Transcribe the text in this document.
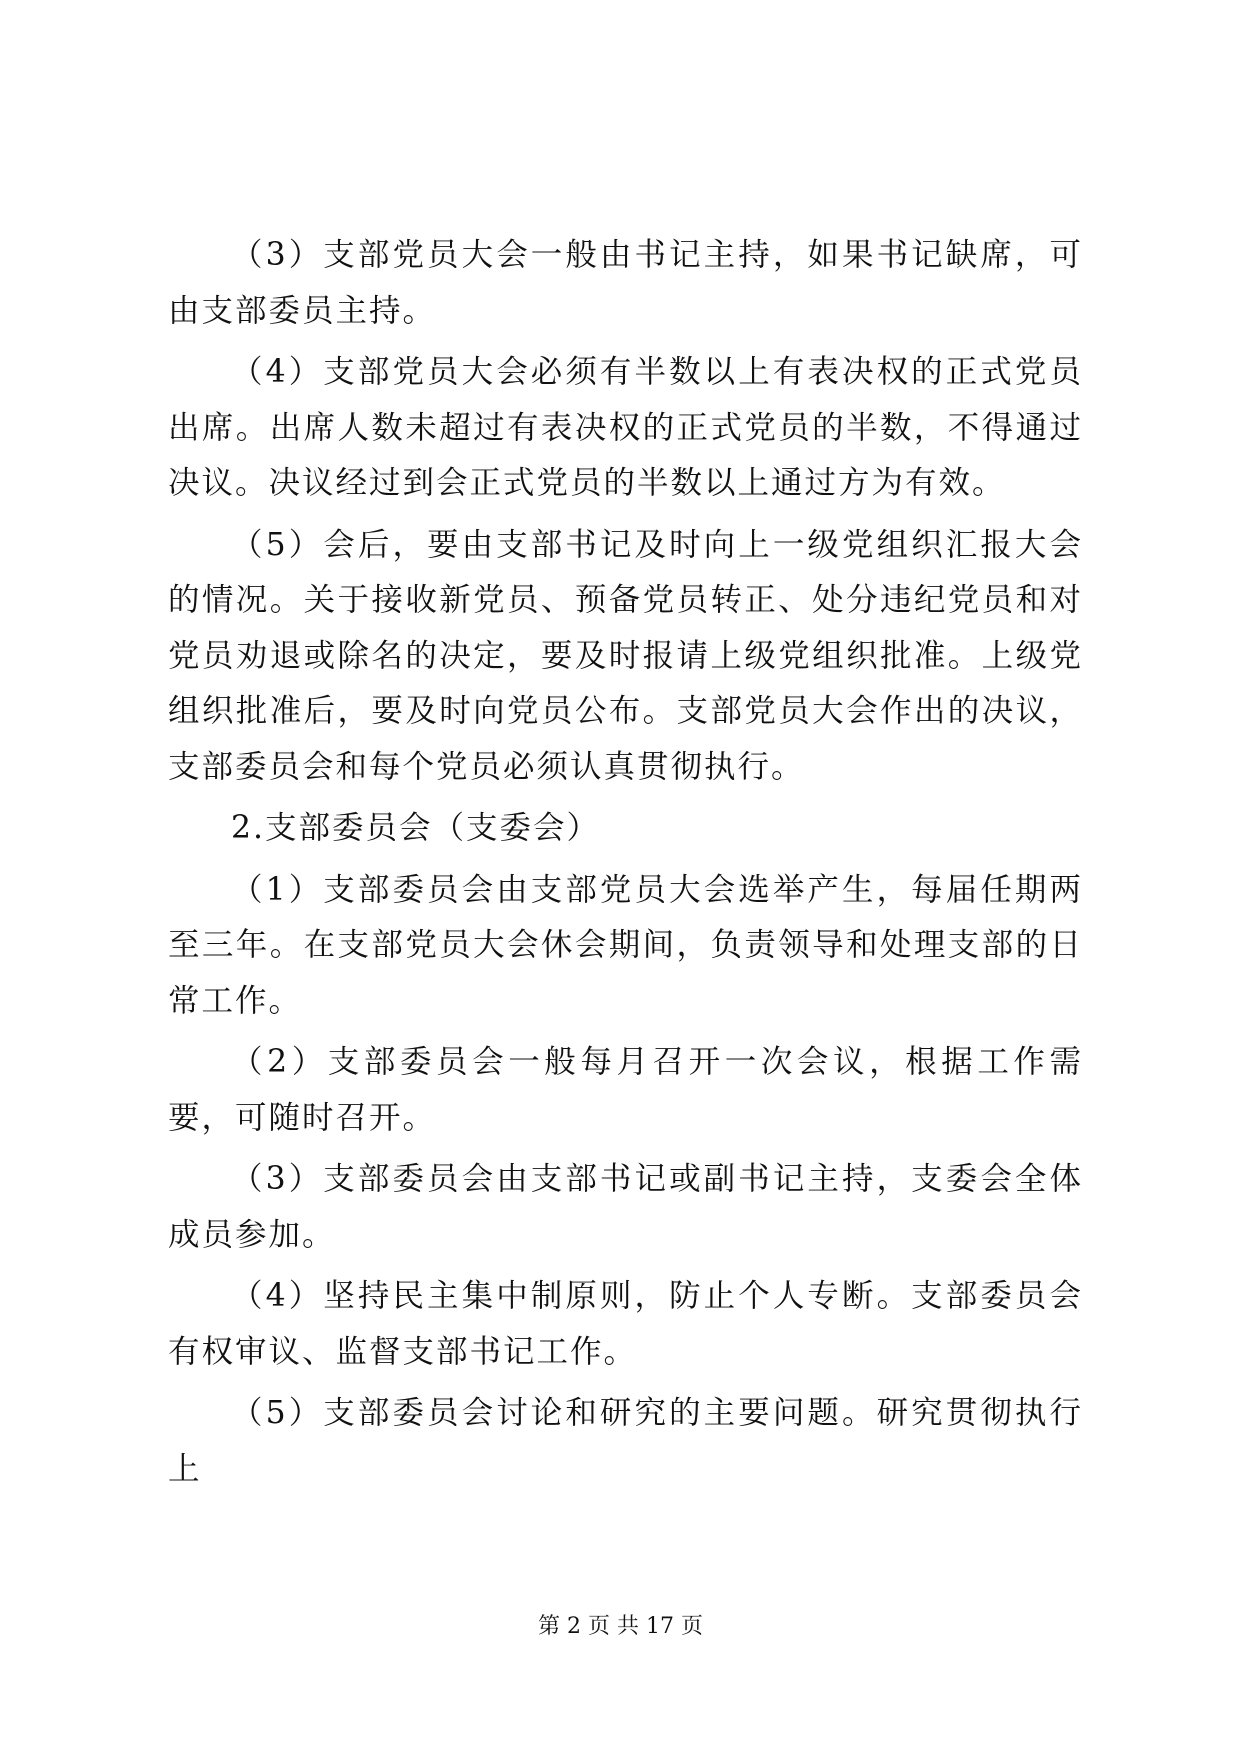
（3）支部党员大会一般由书记主持，如果书记缺席，可由支部委员主持。

（4）支部党员大会必须有半数以上有表决权的正式党员出席。出席人数未超过有表决权的正式党员的半数，不得通过决议。决议经过到会正式党员的半数以上通过方为有效。

（5）会后，要由支部书记及时向上一级党组织汇报大会的情况。关于接收新党员、预备党员转正、处分违纪党员和对党员劝退或除名的决定，要及时报请上级党组织批准。上级党组织批准后，要及时向党员公布。支部党员大会作出的决议，支部委员会和每个党员必须认真贯彻执行。

2.支部委员会（支委会）

（1）支部委员会由支部党员大会选举产生，每届任期两至三年。在支部党员大会休会期间，负责领导和处理支部的日常工作。

（2）支部委员会一般每月召开一次会议，根据工作需要，可随时召开。

（3）支部委员会由支部书记或副书记主持，支委会全体成员参加。

（4）坚持民主集中制原则，防止个人专断。支部委员会有权审议、监督支部书记工作。

（5）支部委员会讨论和研究的主要问题。研究贯彻执行上

第 2 页 共 17 页
